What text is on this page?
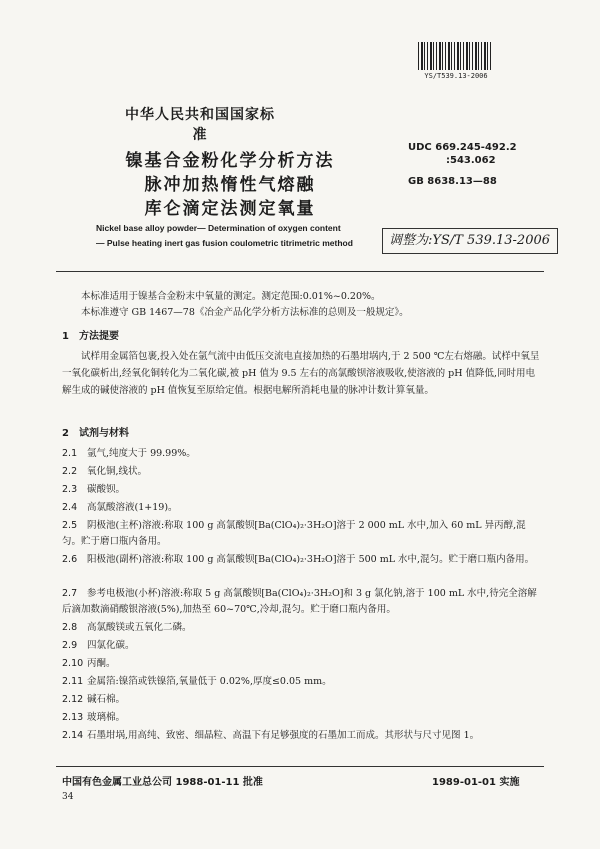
YS/T539.13-2006
中华人民共和国国家标准
镍基合金粉化学分析方法
脉冲加热惰性气熔融
库仑滴定法测定氧量
UDC 669.245-492.2
:543.062
GB 8638.13—88
Nickel base alloy powder— Determination of oxygen content
— Pulse heating inert gas fusion coulometric titrimetric method	调整为:YS/T 539.13-2006
本标准适用于镍基合金粉末中氧量的测定。测定范围:0.01%~0.20%。
本标准遵守 GB 1467—78《冶金产品化学分析方法标准的总则及一般规定》。
1　方法提要
试样用金属箔包裹,投入处在氩气流中由低压交流电直接加热的石墨坩埚内,于 2 500 ℃左右熔融。试样中氧呈一氧化碳析出,经氧化铜转化为二氧化碳,被 pH 值为 9.5 左右的高氯酸钡溶液吸收,使溶液的 pH 值降低,同时用电解生成的碱使溶液的 pH 值恢复至原给定值。根据电解所消耗电量的脉冲计数计算氧量。
2　试剂与材料
2.1 氩气,纯度大于 99.99%。
2.2 氧化铜,线状。
2.3 碳酸钡。
2.4 高氯酸溶液(1+19)。
2.5 阴极池(主杯)溶液:称取 100 g 高氯酸钡[Ba(ClO₄)₂·3H₂O]溶于 2 000 mL 水中,加入 60 mL 异丙醇,混匀。贮于磨口瓶内备用。
2.6 阳极池(副杯)溶液:称取 100 g 高氯酸钡[Ba(ClO₄)₂·3H₂O]溶于 500 mL 水中,混匀。贮于磨口瓶内备用。
2.7 参考电极池(小杯)溶液:称取 5 g 高氯酸钡[Ba(ClO₄)₂·3H₂O]和 3 g 氯化钠,溶于 100 mL 水中,待完全溶解后滴加数滴硝酸银溶液(5%),加热至 60~70℃,冷却,混匀。贮于磨口瓶内备用。
2.8 高氯酸镁或五氧化二磷。
2.9 四氯化碳。
2.10 丙酮。
2.11 金属箔:镍箔或铁镍箔,氧量低于 0.02%,厚度≤0.05 mm。
2.12 碱石棉。
2.13 玻璃棉。
2.14 石墨坩埚,用高纯、致密、细晶粒、高温下有足够强度的石墨加工而成。其形状与尺寸见图 1。
中国有色金属工业总公司 1988-01-11 批准	1989-01-01 实施
34
